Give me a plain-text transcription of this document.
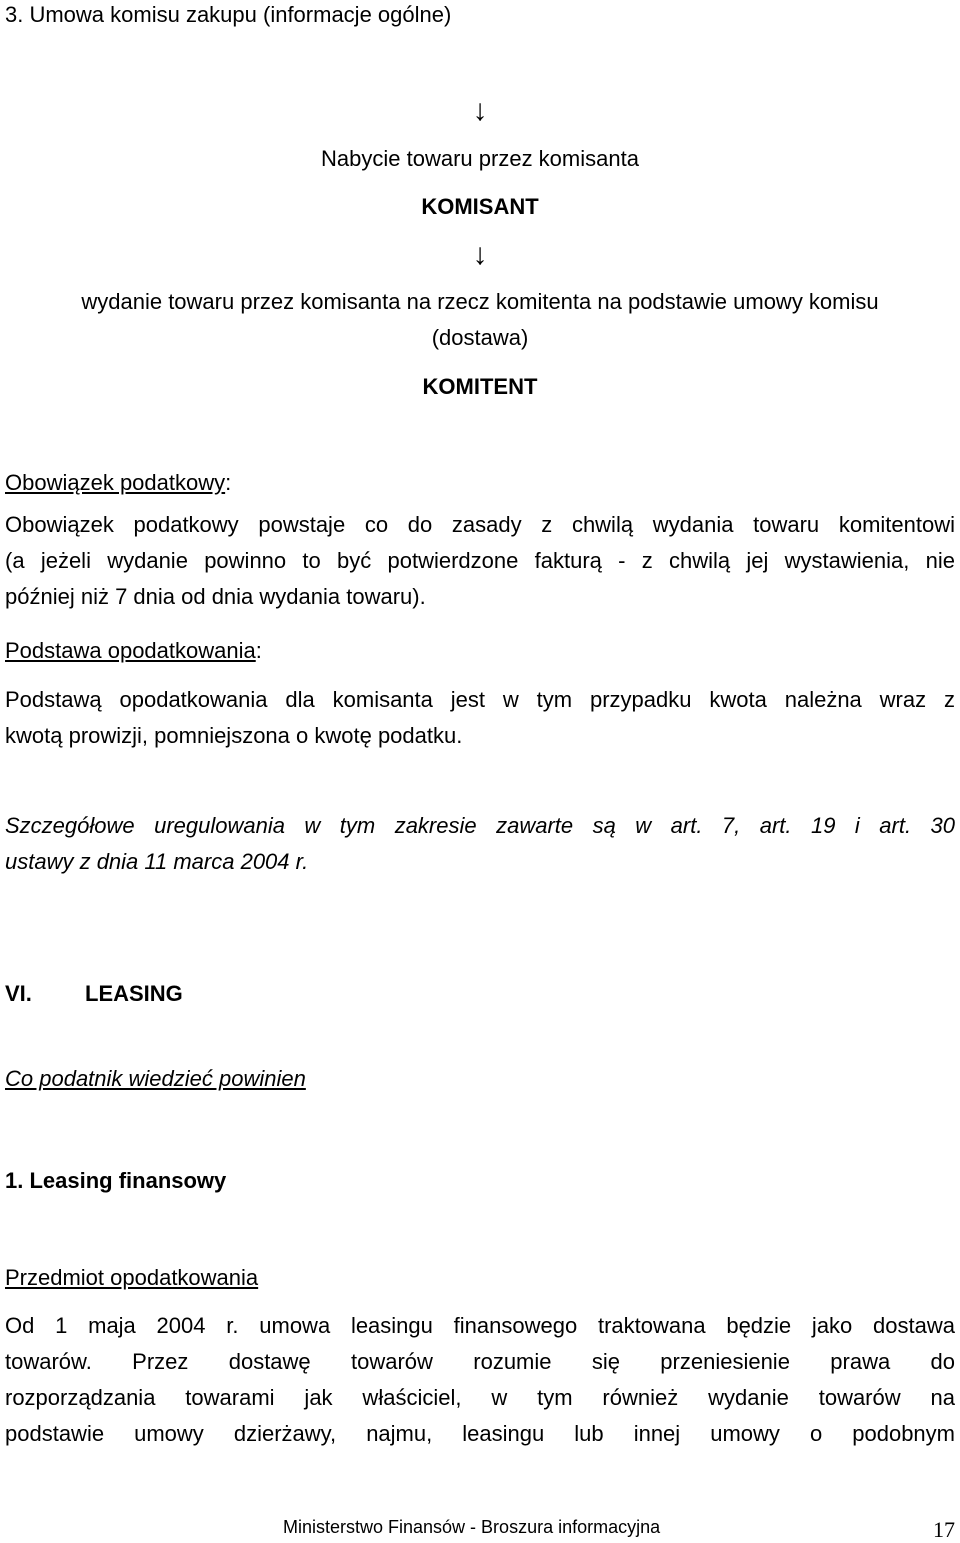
3. Umowa komisu zakupu (informacje ogólne)
↓
Nabycie towaru przez komisanta
KOMISANT
↓
wydanie towaru przez komisanta na rzecz komitenta na podstawie umowy komisu
(dostawa)
KOMITENT
Obowiązek podatkowy:
Obowiązek podatkowy powstaje co do zasady z chwilą wydania towaru komitentowi
(a jeżeli wydanie powinno to być potwierdzone fakturą - z chwilą jej wystawienia, nie
później niż 7 dnia od dnia wydania towaru).
Podstawa opodatkowania:
Podstawą opodatkowania dla komisanta jest w tym przypadku kwota należna wraz z
kwotą prowizji, pomniejszona o kwotę podatku.
Szczegółowe uregulowania w tym zakresie zawarte są w art. 7, art. 19 i art. 30
ustawy z dnia 11 marca 2004 r.
VI. LEASING
Co podatnik wiedzieć powinien
1. Leasing finansowy
Przedmiot opodatkowania
Od 1 maja 2004 r. umowa leasingu finansowego traktowana będzie jako dostawa
towarów. Przez dostawę towarów rozumie się przeniesienie prawa do
rozporządzania towarami jak właściciel, w tym również wydanie towarów na
podstawie umowy dzierżawy, najmu, leasingu lub innej umowy o podobnym
Ministerstwo Finansów - Broszura informacyjna	17
